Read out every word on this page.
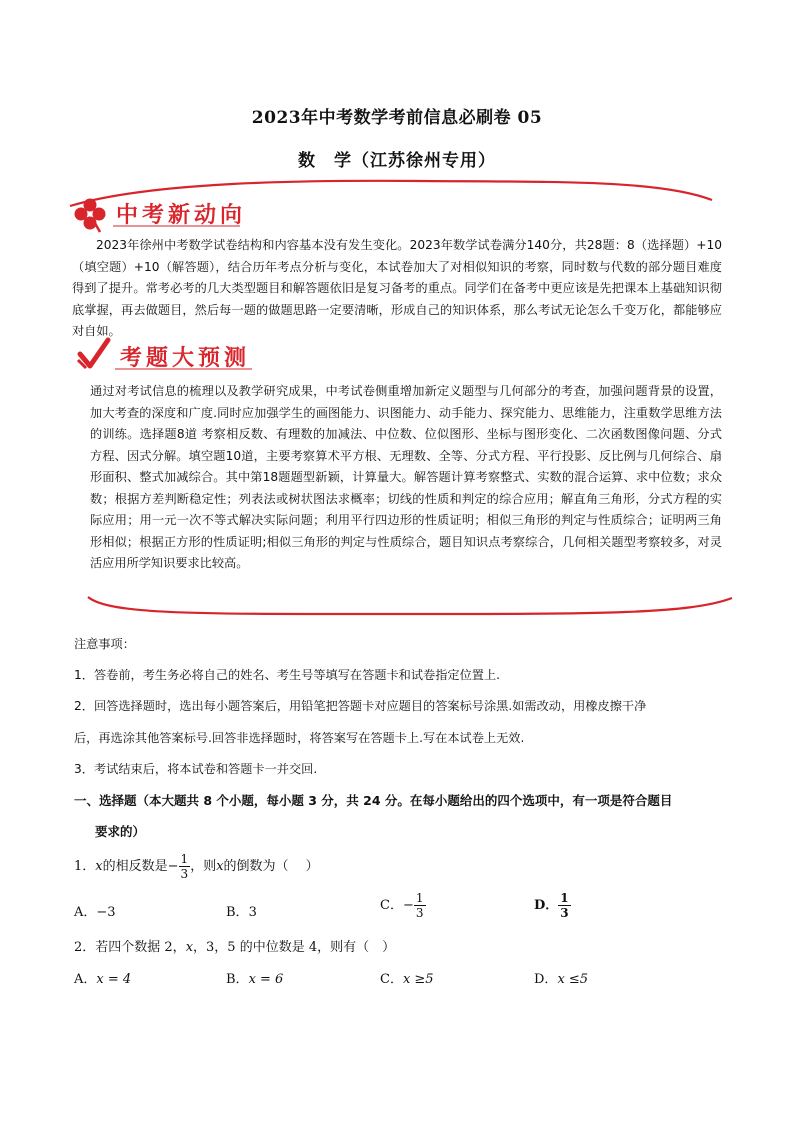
2023年中考数学考前信息必刷卷 05
数　学（江苏徐州专用）
中考新动向
2023年徐州中考数学试卷结构和内容基本没有发生变化。2023年数学试卷满分140分，共28题：8（选择题）+10（填空题）+10（解答题），结合历年考点分析与变化，本试卷加大了对相似知识的考察，同时数与代数的部分题目难度得到了提升。常考必考的几大类型题目和解答题依旧是复习备考的重点。同学们在备考中更应该是先把课本上基础知识彻底掌握，再去做题目，然后每一题的做题思路一定要清晰，形成自己的知识体系，那么考试无论怎么千变万化，都能够应对自如。
考题大预测
通过对考试信息的梳理以及教学研究成果，中考试卷侧重增加新定义题型与几何部分的考查，加强问题背景的设置，加大考查的深度和广度.同时应加强学生的画图能力、识图能力、动手能力、探究能力、思维能力，注重数学思维方法的训练。选择题8道 考察相反数、有理数的加减法、中位数、位似图形、坐标与图形变化、二次函数图像问题、分式方程、因式分解。填空题10道，主要考察算术平方根、无理数、全等、分式方程、平行投影、反比例与几何综合、扇形面积、整式加减综合。其中第18题题型新颖，计算量大。解答题计算考察整式、实数的混合运算、求中位数；求众数；根据方差判断稳定性；列表法或树状图法求概率；切线的性质和判定的综合应用；解直角三角形，分式方程的实际应用；用一元一次不等式解决实际问题；利用平行四边形的性质证明；相似三角形的判定与性质综合；证明两三角形相似；根据正方形的性质证明;相似三角形的判定与性质综合，题目知识点考察综合，几何相关题型考察较多，对灵活应用所学知识要求比较高。
注意事项：
1．答卷前，考生务必将自己的姓名、考生号等填写在答题卡和试卷指定位置上.
2．回答选择题时，选出每小题答案后，用铅笔把答题卡对应题目的答案标号涂黑.如需改动，用橡皮擦干净
后，再选涂其他答案标号.回答非选择题时，将答案写在答题卡上.写在本试卷上无效.
3．考试结束后，将本试卷和答题卡一并交回.
一、选择题（本大题共 8 个小题，每小题 3 分，共 24 分。在每小题给出的四个选项中，有一项是符合题目
要求的）
1．x的相反数是− $\frac{1}{3}$ ，则x的倒数为（　 ）
A．−3	B．3	C．− $\frac{1}{3}$	D． $\frac{1}{3}$
2．若四个数据 2，x，3，5 的中位数是 4，则有（　）
A．x = 4	B．x = 6	C．x ≥5	D．x ≤5
